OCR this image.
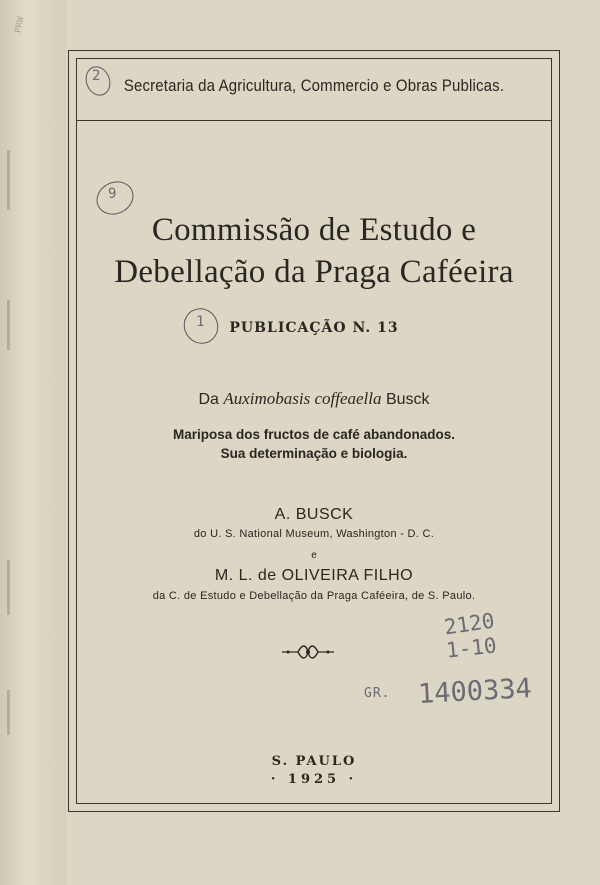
PRW
Secretaria da Agricultura, Commercio e Obras Publicas.
Commissão de Estudo e
Debellação da Praga Caféeira
PUBLICAÇÃO N. 13
Da Auximobasis coffeaella Busck
Mariposa dos fructos de café abandonados.
Sua determinação e biologia.
A. BUSCK
do U. S. National Museum, Washington - D. C.
e
M. L. de OLIVEIRA FILHO
da C. de Estudo e Debellação da Praga Caféeira, de S. Paulo.
S. PAULO
· 1925 ·
2120
1-10
GR. 1400334
2
9
1
